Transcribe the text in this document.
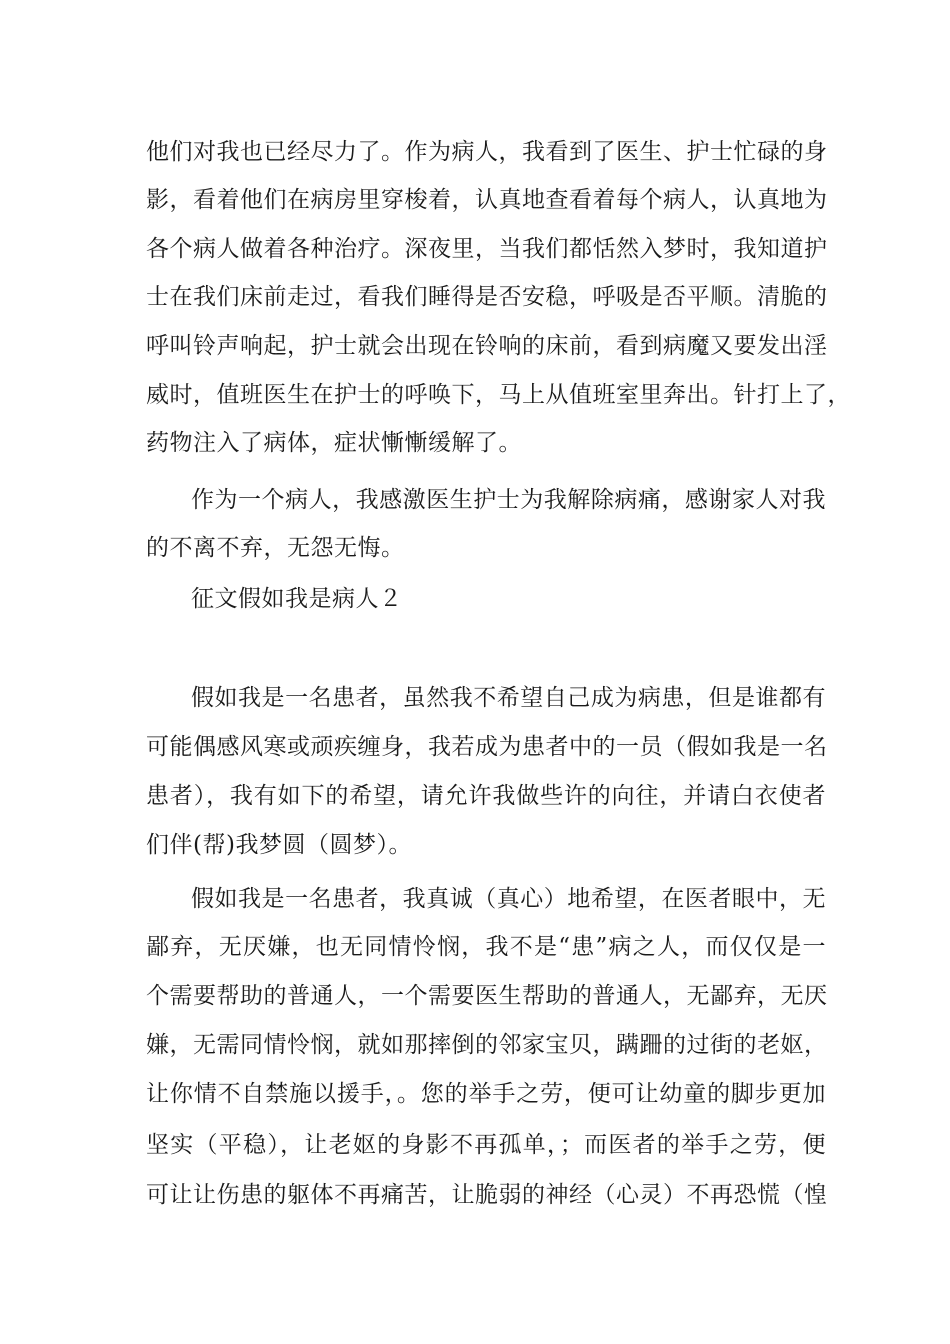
他们对我也已经尽力了。作为病人，我看到了医生、护士忙碌的身
影，看着他们在病房里穿梭着，认真地查看着每个病人，认真地为
各个病人做着各种治疗。深夜里，当我们都恬然入梦时，我知道护
士在我们床前走过，看我们睡得是否安稳，呼吸是否平顺。清脆的
呼叫铃声响起，护士就会出现在铃响的床前，看到病魔又要发出淫
威时，值班医生在护士的呼唤下，马上从值班室里奔出。针打上了，
药物注入了病体，症状慚慚缓解了。
作为一个病人，我感激医生护士为我解除病痛，感谢家人对我
的不离不弃，无怨无悔。
征文假如我是病人２
假如我是一名患者，虽然我不希望自己成为病患，但是谁都有
可能偶感风寒或顽疾缠身，我若成为患者中的一员（假如我是一名
患者），我有如下的希望，请允许我做些许的向往，并请白衣使者
们伴(帮)我梦圆（圆梦）。
假如我是一名患者，我真诚（真心）地希望，在医者眼中，无
鄙弃，无厌嫌，也无同情怜悯，我不是“患”病之人，而仅仅是一
个需要帮助的普通人，一个需要医生帮助的普通人，无鄙弃，无厌
嫌，无需同情怜悯，就如那摔倒的邻家宝贝，蹒跚的过街的老妪，
让你情不自禁施以援手，。您的举手之劳，便可让幼童的脚步更加
坚实（平稳），让老妪的身影不再孤单，；而医者的举手之劳，便
可让让伤患的躯体不再痛苦，让脆弱的神经（心灵）不再恐慌（惶
